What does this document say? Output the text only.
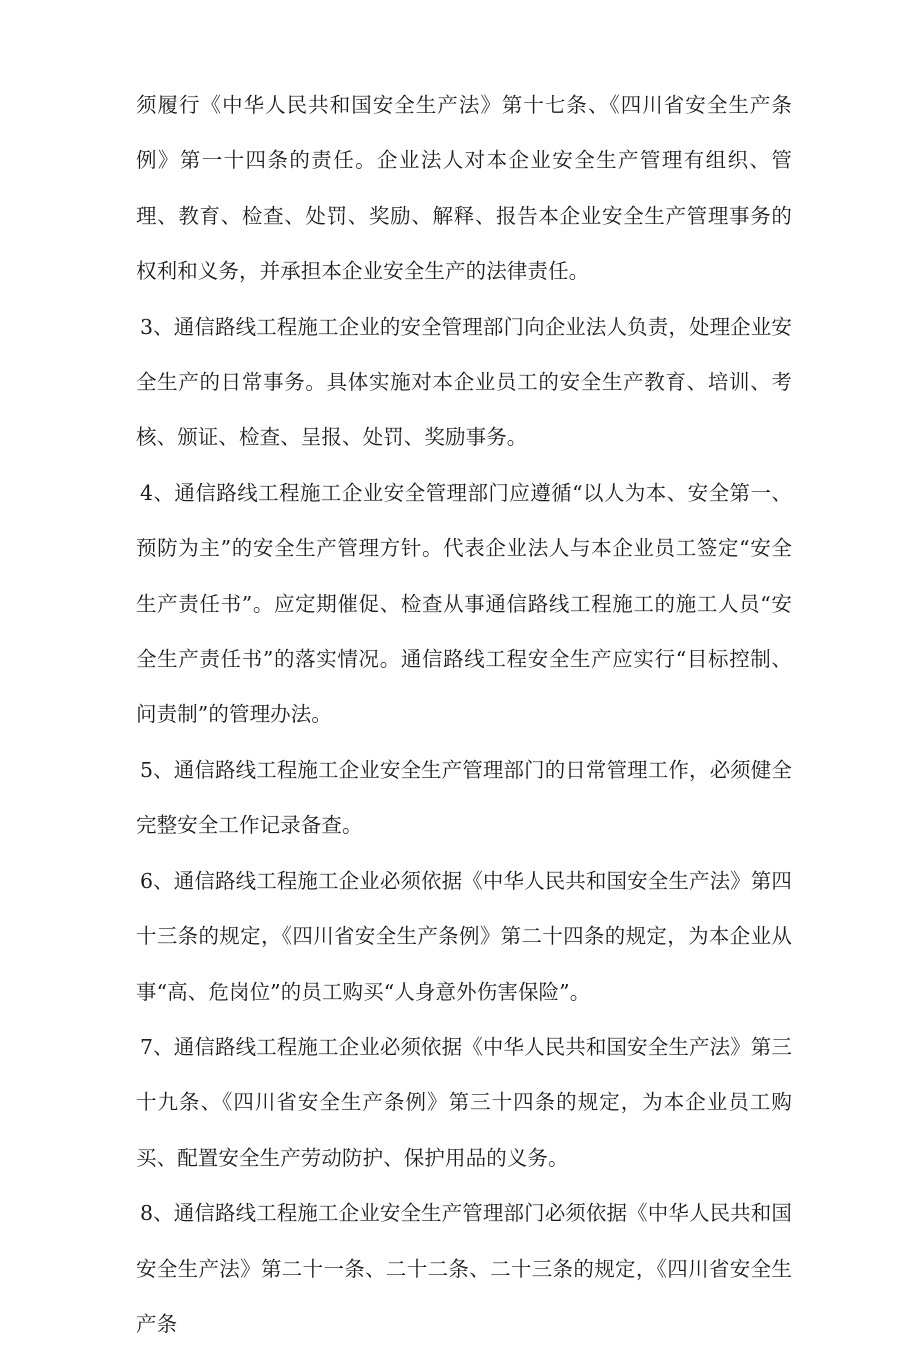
须履行《中华人民共和国安全生产法》第十七条、《四川省安全生产条例》第一十四条的责任。企业法人对本企业安全生产管理有组织、管理、教育、检查、处罚、奖励、解释、报告本企业安全生产管理事务的权利和义务，并承担本企业安全生产的法律责任。

3、通信路线工程施工企业的安全管理部门向企业法人负责，处理企业安全生产的日常事务。具体实施对本企业员工的安全生产教育、培训、考核、颁证、检查、呈报、处罚、奖励事务。

4、通信路线工程施工企业安全管理部门应遵循“以人为本、安全第一、预防为主”的安全生产管理方针。代表企业法人与本企业员工签定“安全生产责任书”。应定期催促、检查从事通信路线工程施工的施工人员“安全生产责任书”的落实情况。通信路线工程安全生产应实行“目标控制、问责制”的管理办法。

5、通信路线工程施工企业安全生产管理部门的日常管理工作，必须健全完整安全工作记录备查。

6、通信路线工程施工企业必须依据《中华人民共和国安全生产法》第四十三条的规定，《四川省安全生产条例》第二十四条的规定，为本企业从事“高、危岗位”的员工购买“人身意外伤害保险”。

7、通信路线工程施工企业必须依据《中华人民共和国安全生产法》第三十九条、《四川省安全生产条例》第三十四条的规定，为本企业员工购买、配置安全生产劳动防护、保护用品的义务。

8、通信路线工程施工企业安全生产管理部门必须依据《中华人民共和国安全生产法》第二十一条、二十二条、二十三条的规定，《四川省安全生产条
